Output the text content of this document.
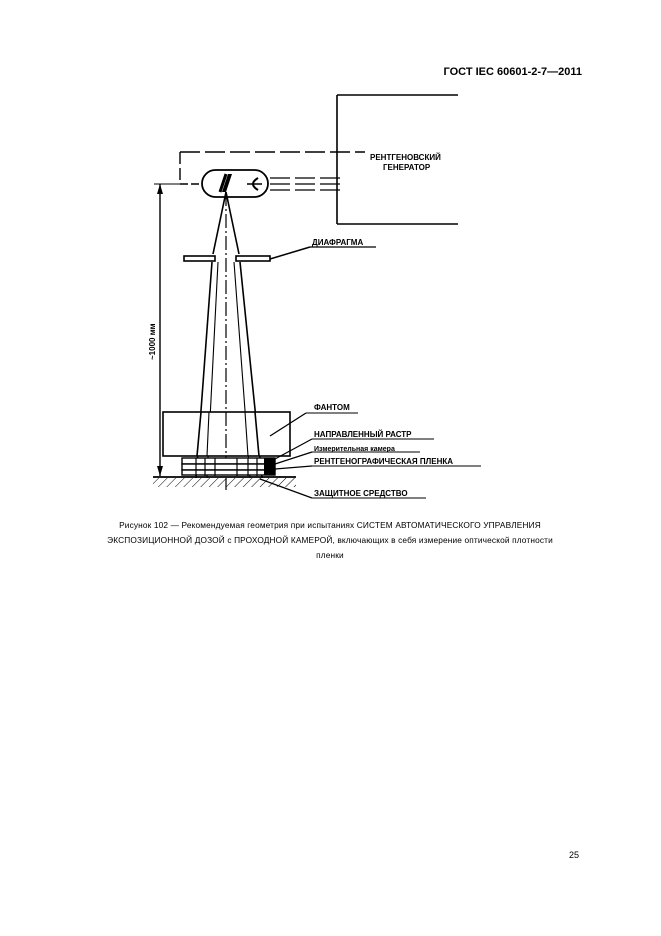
ГОСТ IEC 60601-2-7—2011
РЕНТГЕНОВСКИЙ
ГЕНЕРАТОР
ДИАФРАГМА
~1000 мм
ФАНТОМ
НАПРАВЛЕННЫЙ РАСТР
Измерительная камера
РЕНТГЕНОГРАФИЧЕСКАЯ ПЛЕНКА
ЗАЩИТНОЕ СРЕДСТВО
Рисунок 102 — Рекомендуемая геометрия при испытаниях СИСТЕМ АВТОМАТИЧЕСКОГО УПРАВЛЕНИЯ
ЭКСПОЗИЦИОННОЙ ДОЗОЙ с ПРОХОДНОЙ КАМЕРОЙ, включающих в себя измерение оптической плотности
пленки
25
